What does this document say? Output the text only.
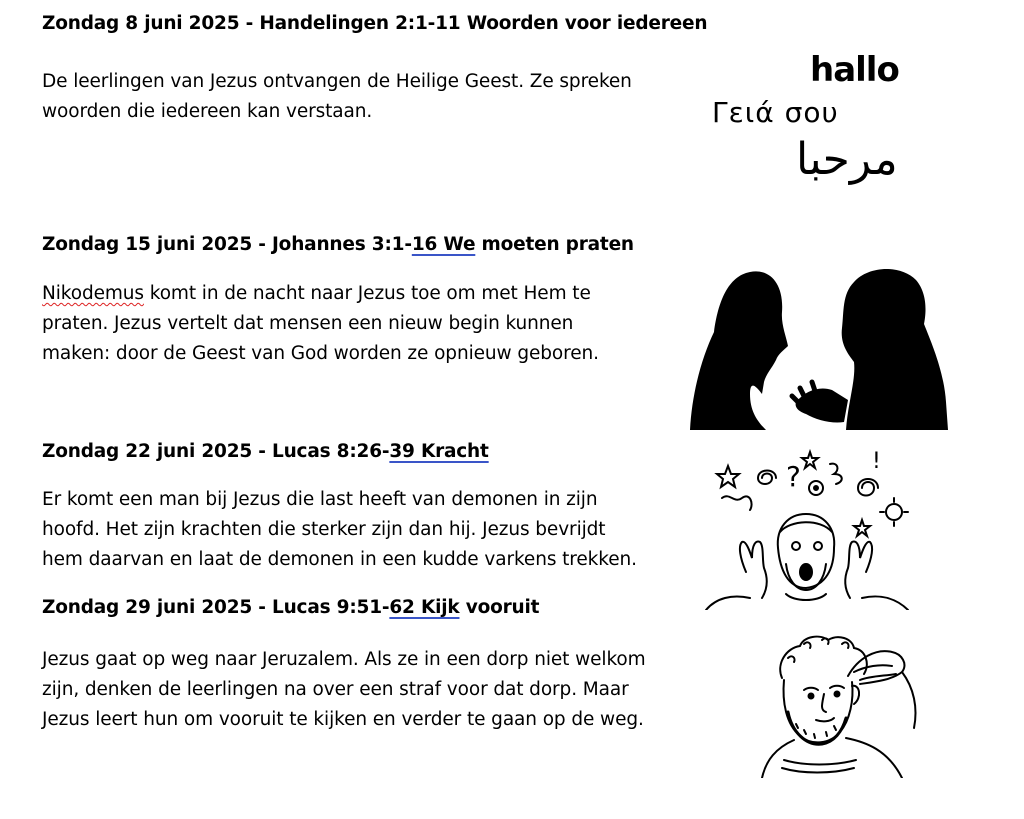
Zondag 8 juni 2025 - Handelingen 2:1-11 Woorden voor iedereen

De leerlingen van Jezus ontvangen de Heilige Geest. Ze spreken

woorden die iedereen kan verstaan.

hallo
Γειά σου
مرحبا
Zondag 15 juni 2025 - Johannes 3:1-16 We moeten praten

Nikodemus komt in de nacht naar Jezus toe om met Hem te

praten. Jezus vertelt dat mensen een nieuw begin kunnen

maken: door de Geest van God worden ze opnieuw geboren.

Zondag 22 juni 2025 - Lucas 8:26-39 Kracht

Er komt een man bij Jezus die last heeft van demonen in zijn

hoofd. Het zijn krachten die sterker zijn dan hij. Jezus bevrijdt

hem daarvan en laat de demonen in een kudde varkens trekken.

?	!
Zondag 29 juni 2025 - Lucas 9:51-62 Kijk vooruit

Jezus gaat op weg naar Jeruzalem. Als ze in een dorp niet welkom

zijn, denken de leerlingen na over een straf voor dat dorp. Maar

Jezus leert hun om vooruit te kijken en verder te gaan op de weg.
